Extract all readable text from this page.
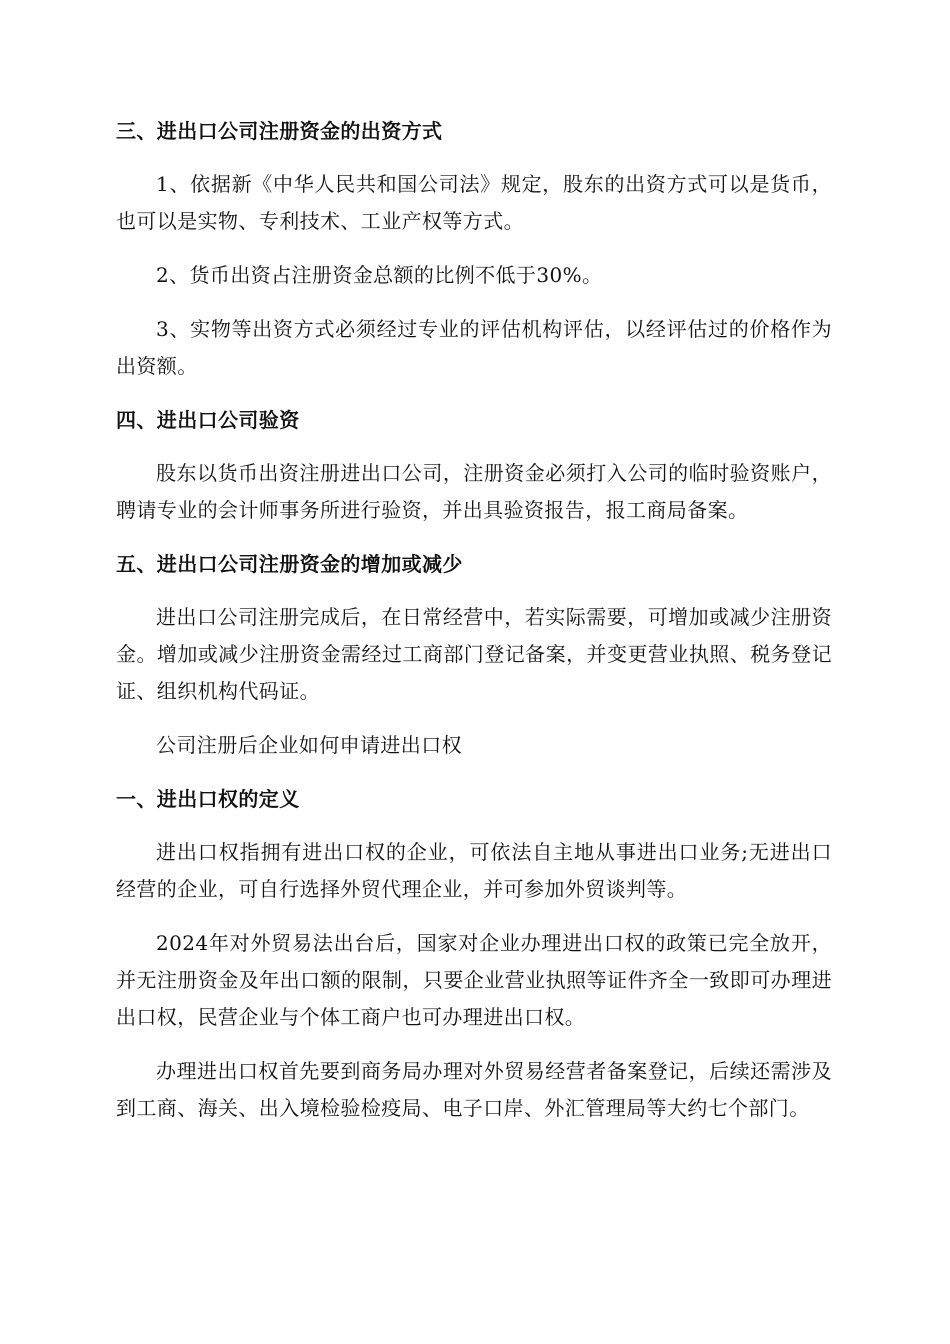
三、进出口公司注册资金的出资方式

1、依据新《中华人民共和国公司法》规定，股东的出资方式可以是货币，也可以是实物、专利技术、工业产权等方式。

2、货币出资占注册资金总额的比例不低于30%。

3、实物等出资方式必须经过专业的评估机构评估，以经评估过的价格作为出资额。

四、进出口公司验资

股东以货币出资注册进出口公司，注册资金必须打入公司的临时验资账户，聘请专业的会计师事务所进行验资，并出具验资报告，报工商局备案。

五、进出口公司注册资金的增加或减少

进出口公司注册完成后，在日常经营中，若实际需要，可增加或减少注册资金。增加或减少注册资金需经过工商部门登记备案，并变更营业执照、税务登记证、组织机构代码证。

公司注册后企业如何申请进出口权

一、进出口权的定义

进出口权指拥有进出口权的企业，可依法自主地从事进出口业务;无进出口经营的企业，可自行选择外贸代理企业，并可参加外贸谈判等。

2024年对外贸易法出台后，国家对企业办理进出口权的政策已完全放开，并无注册资金及年出口额的限制，只要企业营业执照等证件齐全一致即可办理进出口权，民营企业与个体工商户也可办理进出口权。

办理进出口权首先要到商务局办理对外贸易经营者备案登记，后续还需涉及到工商、海关、出入境检验检疫局、电子口岸、外汇管理局等大约七个部门。
